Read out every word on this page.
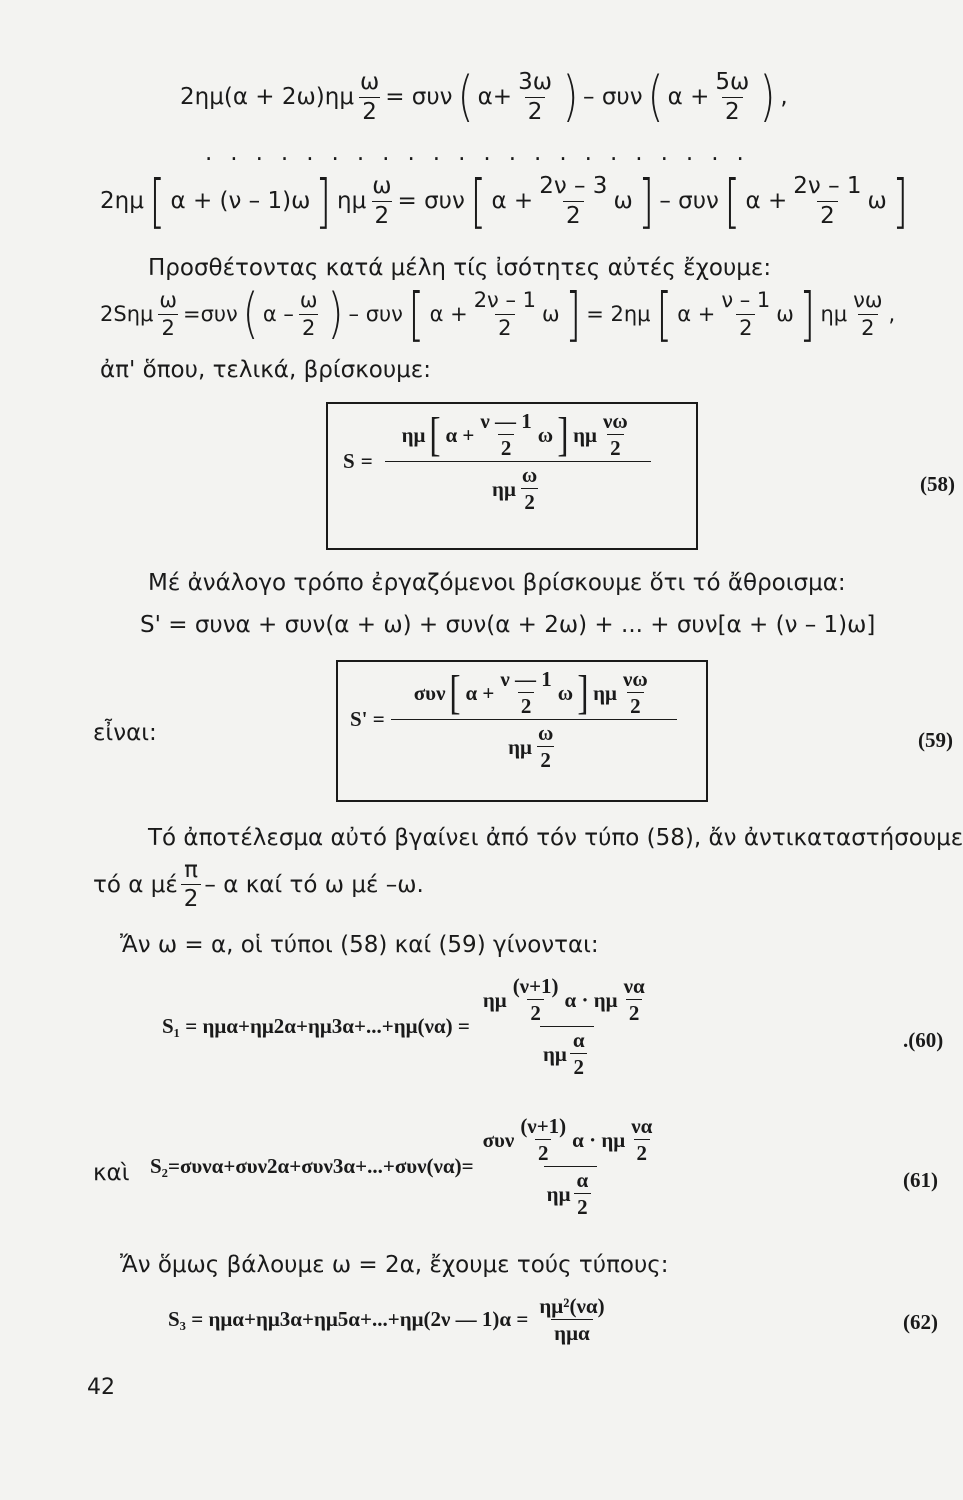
$2\eta\mu(\alpha + 2\omega)\eta\mu \frac{\omega}{2} = \sigma\upsilon\nu$ ( $\alpha+ \frac{3\omega}{2}$ ) – συν ( $\alpha + \frac{5\omega}{2}$ ) ,
......................
2ημ [ α + (ν – 1)ω ] ημ $\frac{\omega}{2} = \sigma\upsilon\nu$ [ $\alpha + \frac{2\nu - 3}{2}$ ω ] – συν [ $\alpha + \frac{2\nu - 1}{2}$ ω ]
Προσθέτοντας κατά μέλη τίς ἰσότητες αὐτές ἔχουμε:
$2S\eta\mu \frac{\omega}{2} =\sigma\upsilon\nu$ ( α – $\frac{\omega}{2}$ ) – συν [ $\alpha + \frac{2\nu - 1}{2}$ ω ] = 2ημ [ $\alpha + \frac{\nu - 1}{2}$ ω ] ημ $\frac{\nu\omega}{2}$ ,
ἀπ' ὅπου, τελικά, βρίσκουμε:
S =
ημ [ $\alpha + \frac{\nu — 1}{2}$ ω ] ημ $\frac{\nu\omega}{2}$
ημ $\frac{\omega}{2}$	(58)
Μέ ἀνάλογο τρόπο ἐργαζόμενοι βρίσκουμε ὅτι τό ἄθροισμα:
S' = συνα + συν(α + ω) + συν(α + 2ω) + ... + συν[α + (ν – 1)ω]
εἶναι:
S' =
συν [ $\alpha + \frac{\nu — 1}{2}$ ω ] ημ $\frac{\nu\omega}{2}$
ημ $\frac{\omega}{2}$	(59)
Τό ἀποτέλεσμα αὐτό βγαίνει ἀπό τόν τύπο (58), ἄν ἀντικαταστήσουμε
τό α μέ $\frac{\pi}{2}$ – α καί τό ω μέ –ω.
Ἄν ω = α, οἱ τύποι (58) καί (59) γίνονται:
$S_1 = \eta\mu\alpha+\eta\mu 2\alpha+\eta\mu 3\alpha+...+\eta\mu(\nu\alpha) = \frac{\eta\mu \frac{(\nu+1)}{2} \alpha \cdot \eta\mu \frac{\nu\alpha}{2}}{\eta\mu \frac{\alpha}{2}}$	.(60)
καὶ $S_2=\sigma\upsilon\nu\alpha+\sigma\upsilon\nu 2\alpha+\sigma\upsilon\nu 3\alpha+...+\sigma\upsilon\nu(\nu\alpha)= \frac{\sigma\upsilon\nu \frac{(\nu+1)}{2} \alpha \cdot \eta\mu \frac{\nu\alpha}{2}}{\eta\mu \frac{\alpha}{2}}$	(61)
Ἄν ὅμως βάλουμε ω = 2α, ἔχουμε τούς τύπους:
S₃ = ημα+ημ3α+ημ5α+...+ημ(2ν — $1)\alpha = \frac{\text{ημ²(να)}}{\text{ημα}}$	(62)
42
